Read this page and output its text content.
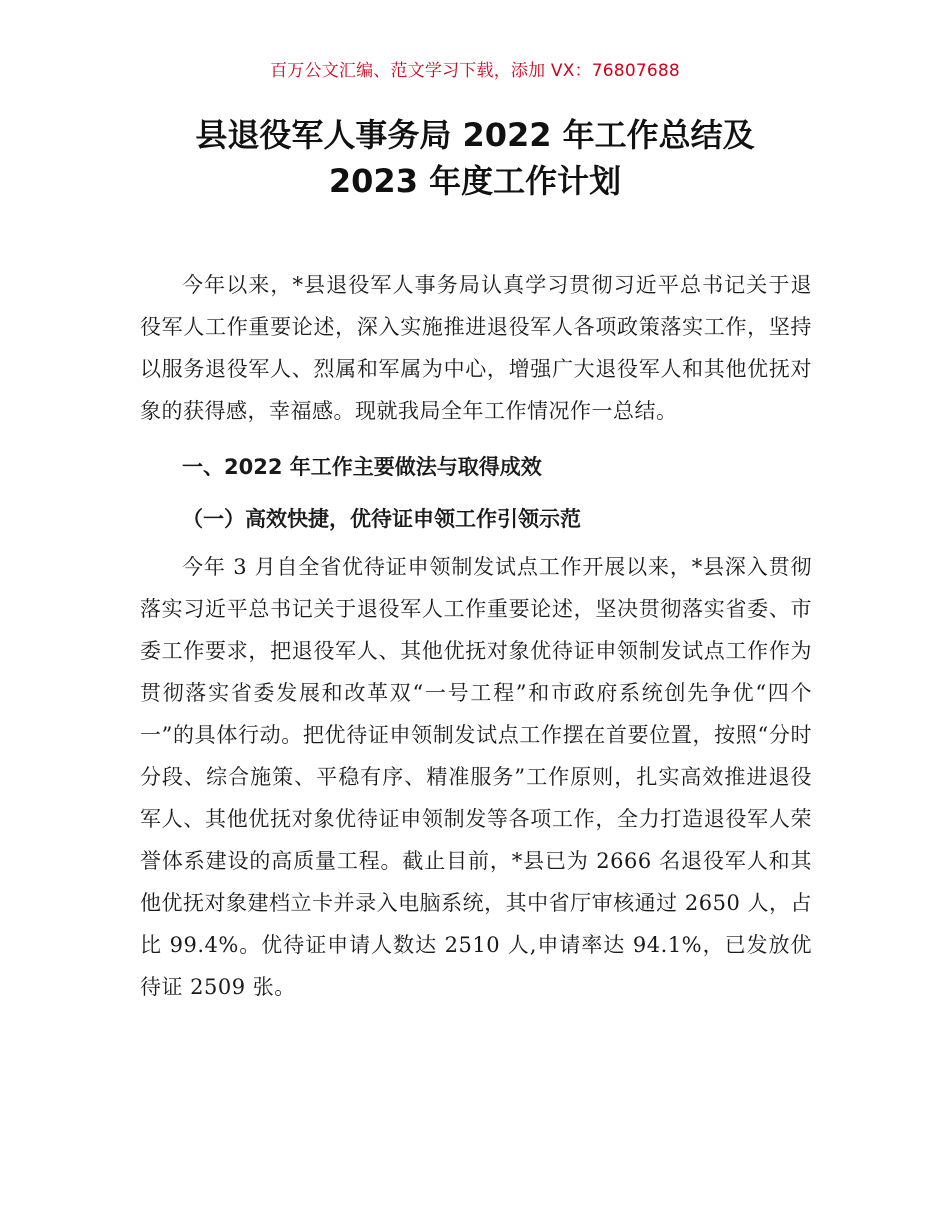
百万公文汇编、范文学习下载，添加 VX：76807688
县退役军人事务局 2022 年工作总结及
2023 年度工作计划

今年以来，*县退役军人事务局认真学习贯彻习近平总书记关于退役军人工作重要论述，深入实施推进退役军人各项政策落实工作，坚持以服务退役军人、烈属和军属为中心，增强广大退役军人和其他优抚对象的获得感，幸福感。现就我局全年工作情况作一总结。

一、2022 年工作主要做法与取得成效

（一）高效快捷，优待证申领工作引领示范

今年 3 月自全省优待证申领制发试点工作开展以来，*县深入贯彻落实习近平总书记关于退役军人工作重要论述，坚决贯彻落实省委、市委工作要求，把退役军人、其他优抚对象优待证申领制发试点工作作为贯彻落实省委发展和改革双“一号工程”和市政府系统创先争优“四个一”的具体行动。把优待证申领制发试点工作摆在首要位置，按照“分时分段、综合施策、平稳有序、精准服务”工作原则，扎实高效推进退役军人、其他优抚对象优待证申领制发等各项工作，全力打造退役军人荣誉体系建设的高质量工程。截止目前，*县已为 2666 名退役军人和其他优抚对象建档立卡并录入电脑系统，其中省厅审核通过 2650 人，占比 99.4%。优待证申请人数达 2510 人,申请率达 94.1%，已发放优待证 2509 张。
